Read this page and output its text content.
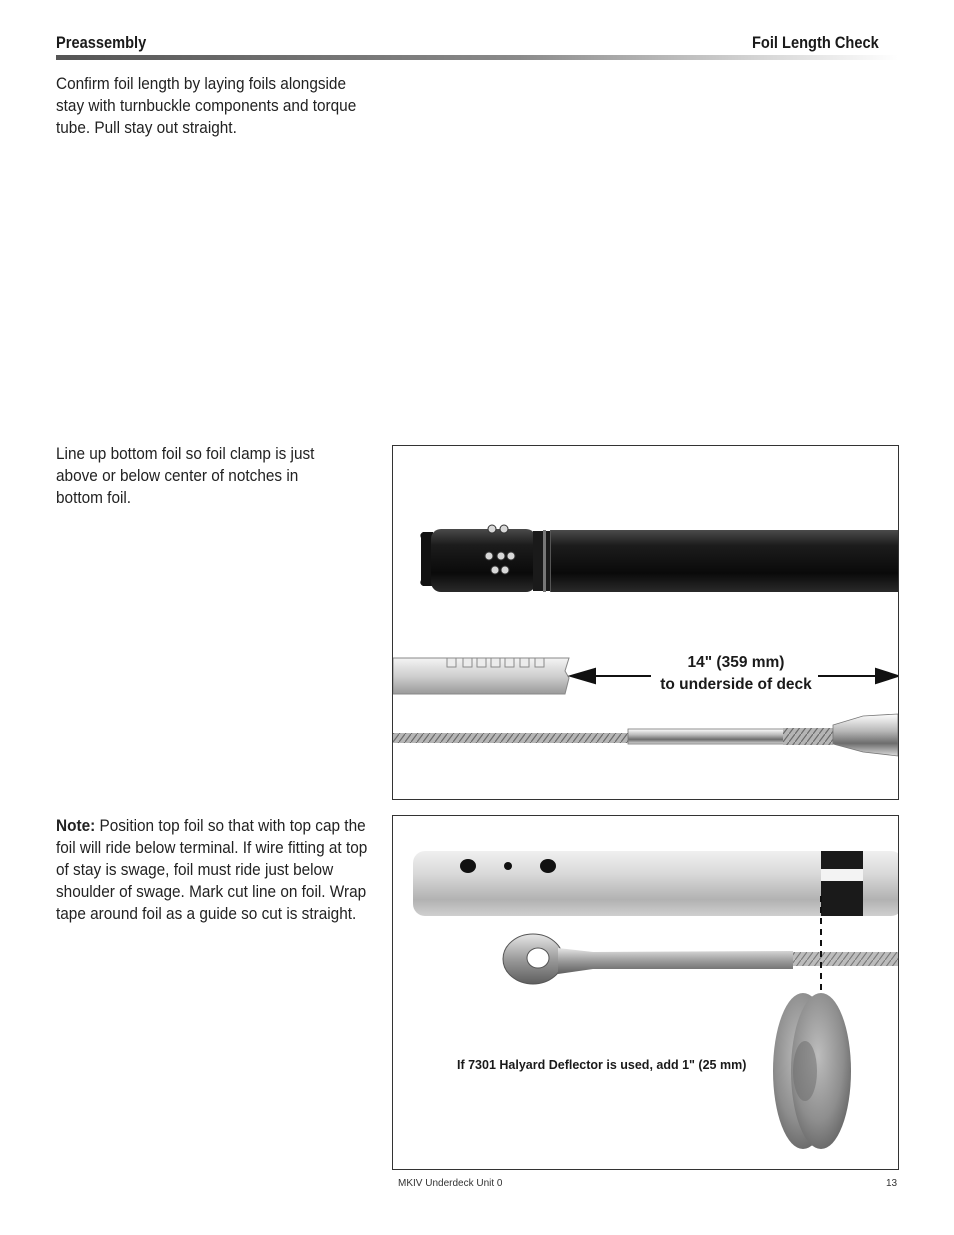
Preassembly	Foil Length Check
Confirm foil length by laying foils alongside stay with turnbuckle components and torque tube. Pull stay out straight.
Line up bottom foil so foil clamp is just above or below center of notches in bottom foil.
Note: Position top foil so that with top cap the foil will ride below terminal. If wire fitting at top of stay is swage, foil must ride just below shoulder of swage. Mark cut line on foil. Wrap tape around foil as a guide so cut is straight.
14" (359 mm)
to underside of deck
If 7301 Halyard Deflector is used, add 1" (25 mm)
MKIV Underdeck Unit 0	13
